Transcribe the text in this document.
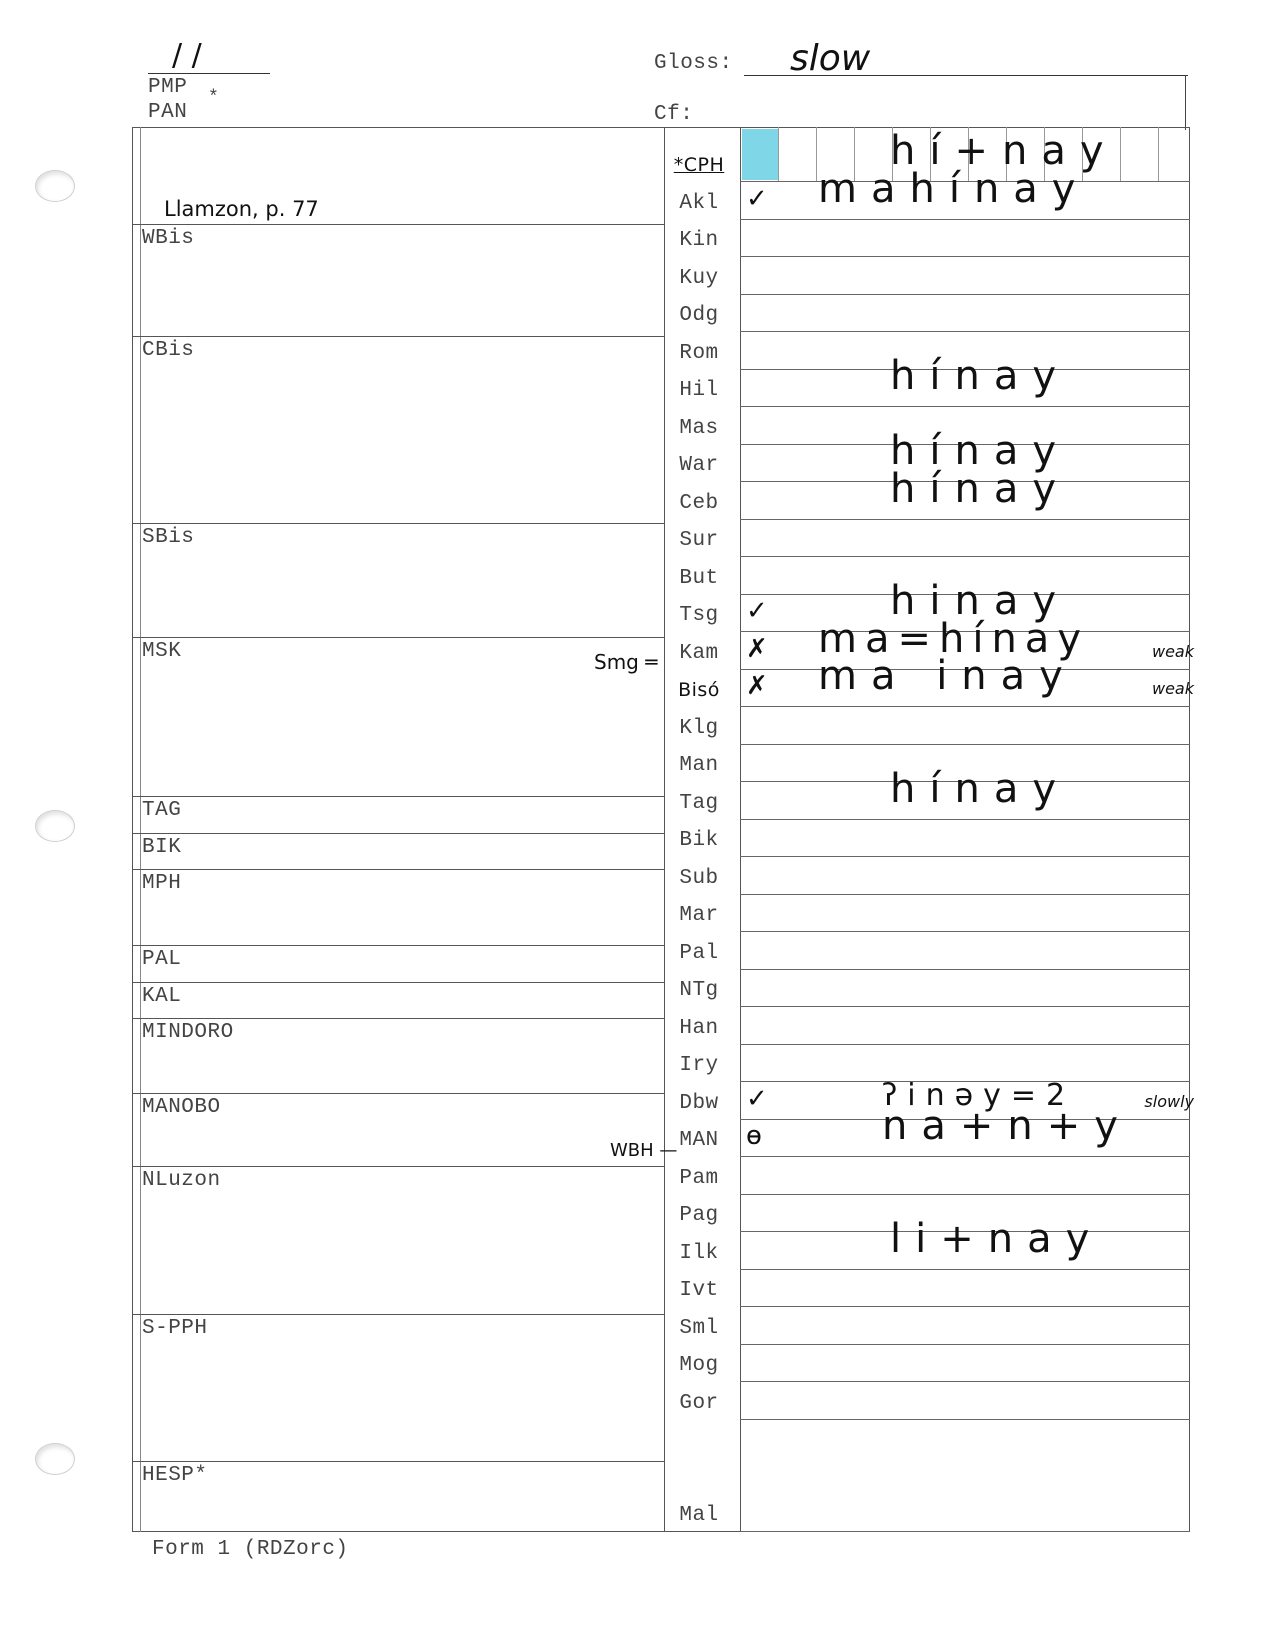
/ /
PMP *
PAN
Gloss: slow
Cf:
Llamzon, p. 77
WBis
CBis
SBis
MSK
TAG
BIK
MPH
PAL
KAL
MINDORO
MANOBO
NLuzon
S-PPH
HESP*
Smg ═
WBH —
*CPH	hí+nay
Akl	✓ mahínay
Kin
Kuy
Odg
Rom
Hil	hínay
Mas
War	hínay
Ceb	hínay
Sur
But
Tsg	✓	hinay
Kam	✗ ma=hínay	weak
Bisó	✗ ma inay	weak
Klg
Man
Tag	hínay
Bik
Sub
Mar
Pal
NTg
Han
Iry
Dbw	✓	ʔinəy=2	slowly
MAN	ɵ	na+n+y
Pam
Pag
Ilk	li+nay
Ivt
Sml
Mog
Gor
Mal
Form 1 (RDZorc)
